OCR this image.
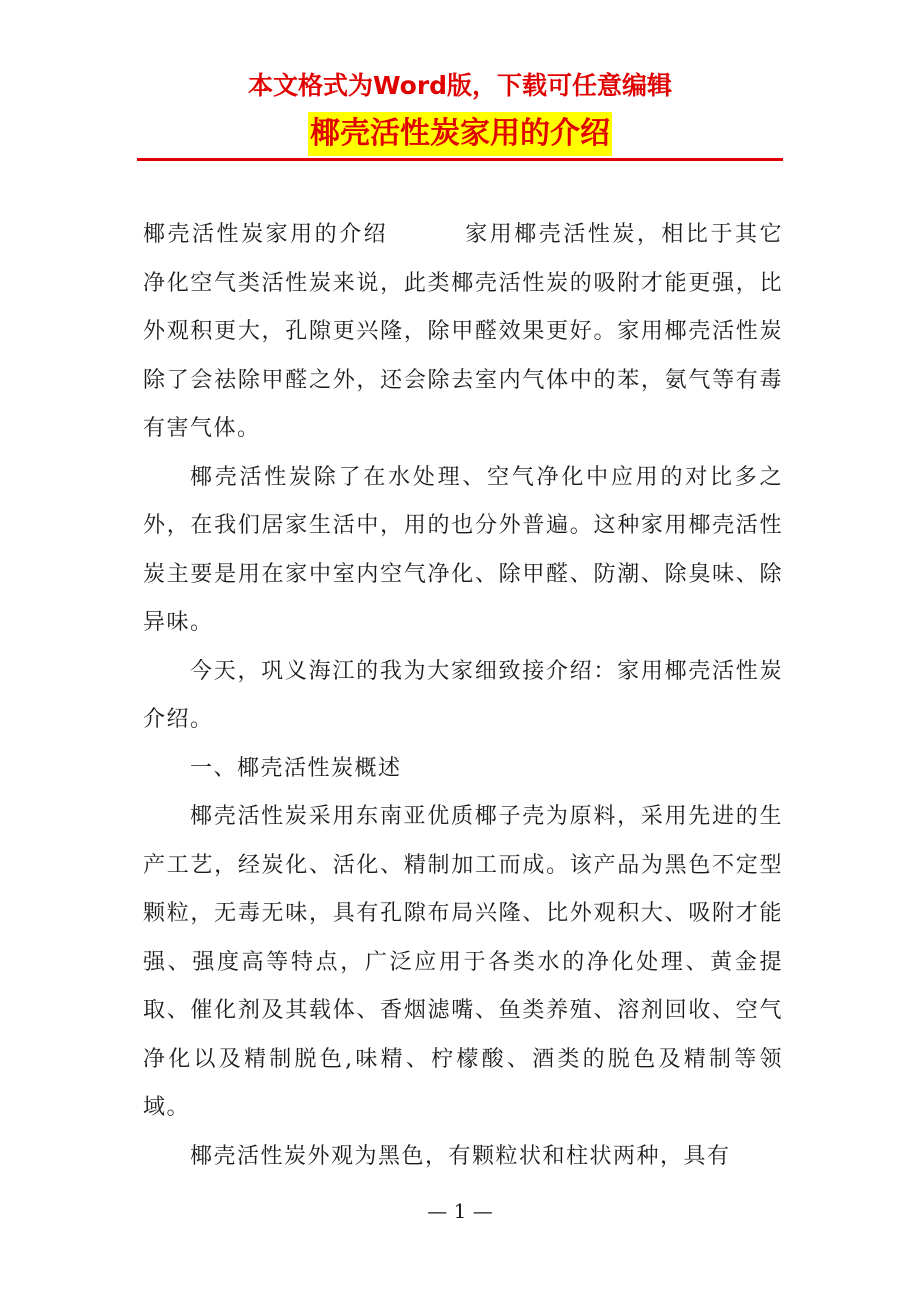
本文格式为Word版，下载可任意编辑
椰壳活性炭家用的介绍

椰壳活性炭家用的介绍	家用椰壳活性炭，相比于其它净化空气类活性炭来说，此类椰壳活性炭的吸附才能更强，比外观积更大，孔隙更兴隆，除甲醛效果更好。家用椰壳活性炭除了会祛除甲醛之外，还会除去室内气体中的苯，氨气等有毒有害气体。

椰壳活性炭除了在水处理、空气净化中应用的对比多之外，在我们居家生活中，用的也分外普遍。这种家用椰壳活性炭主要是用在家中室内空气净化、除甲醛、防潮、除臭味、除异味。

今天，巩义海江的我为大家细致接介绍：家用椰壳活性炭介绍。

一、椰壳活性炭概述

椰壳活性炭采用东南亚优质椰子壳为原料，采用先进的生产工艺，经炭化、活化、精制加工而成。该产品为黑色不定型颗粒，无毒无味，具有孔隙布局兴隆、比外观积大、吸附才能强、强度高等特点，广泛应用于各类水的净化处理、黄金提取、催化剂及其载体、香烟滤嘴、鱼类养殖、溶剂回收、空气净化以及精制脱色,味精、柠檬酸、酒类的脱色及精制等领域。

椰壳活性炭外观为黑色，有颗粒状和柱状两种，具有

— 1 —
